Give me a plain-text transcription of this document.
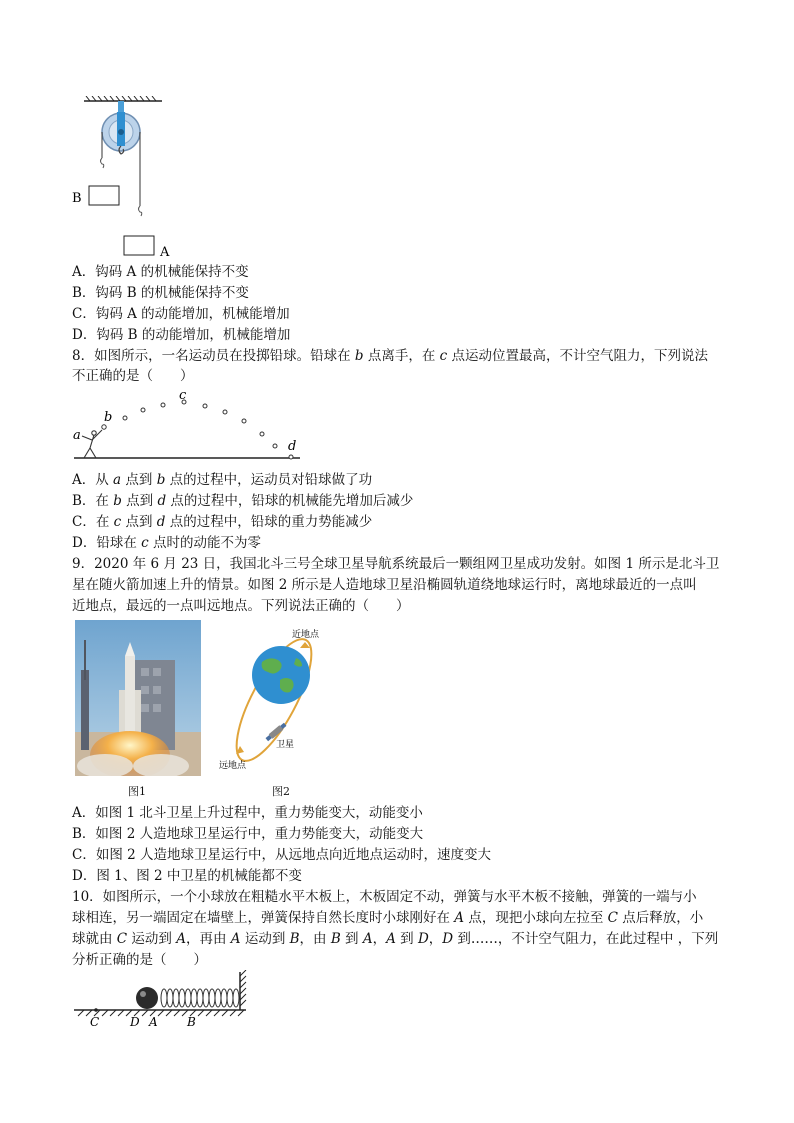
B
A
A．钩码 A 的机械能保持不变
B．钩码 B 的机械能保持不变
C．钩码 A 的动能增加，机械能增加
D．钩码 B 的动能增加，机械能增加
8．如图所示，一名运动员在投掷铅球。铅球在 b 点离手，在 c 点运动位置最高，不计空气阻力，下列说法
不正确的是（　　）
a
b
c
d
A．从 a 点到 b 点的过程中，运动员对铅球做了功
B．在 b 点到 d 点的过程中，铅球的机械能先增加后减少
C．在 c 点到 d 点的过程中，铅球的重力势能减少
D．铅球在 c 点时的动能不为零
9．2020 年 6 月 23 日，我国北斗三号全球卫星导航系统最后一颗组网卫星成功发射。如图 1 所示是北斗卫
星在随火箭加速上升的情景。如图 2 所示是人造地球卫星沿椭圆轨道绕地球运行时，离地球最近的一点叫
近地点，最远的一点叫远地点。下列说法正确的（　　）
图1
近地点
卫星
远地点
图2
A．如图 1 北斗卫星上升过程中，重力势能变大，动能变小
B．如图 2 人造地球卫星运行中，重力势能变大，动能变大
C．如图 2 人造地球卫星运行中，从远地点向近地点运动时，速度变大
D．图 1、图 2 中卫星的机械能都不变
10．如图所示，一个小球放在粗糙水平木板上，木板固定不动，弹簧与水平木板不接触，弹簧的一端与小
球相连，另一端固定在墙壁上，弹簧保持自然长度时小球刚好在 A 点，现把小球向左拉至 C 点后释放，小
球就由 C 运动到 A，再由 A 运动到 B，由 B 到 A，A 到 D，D 到……，不计空气阻力，在此过程中 ，下列
分析正确的是（　　）
C	D A B
